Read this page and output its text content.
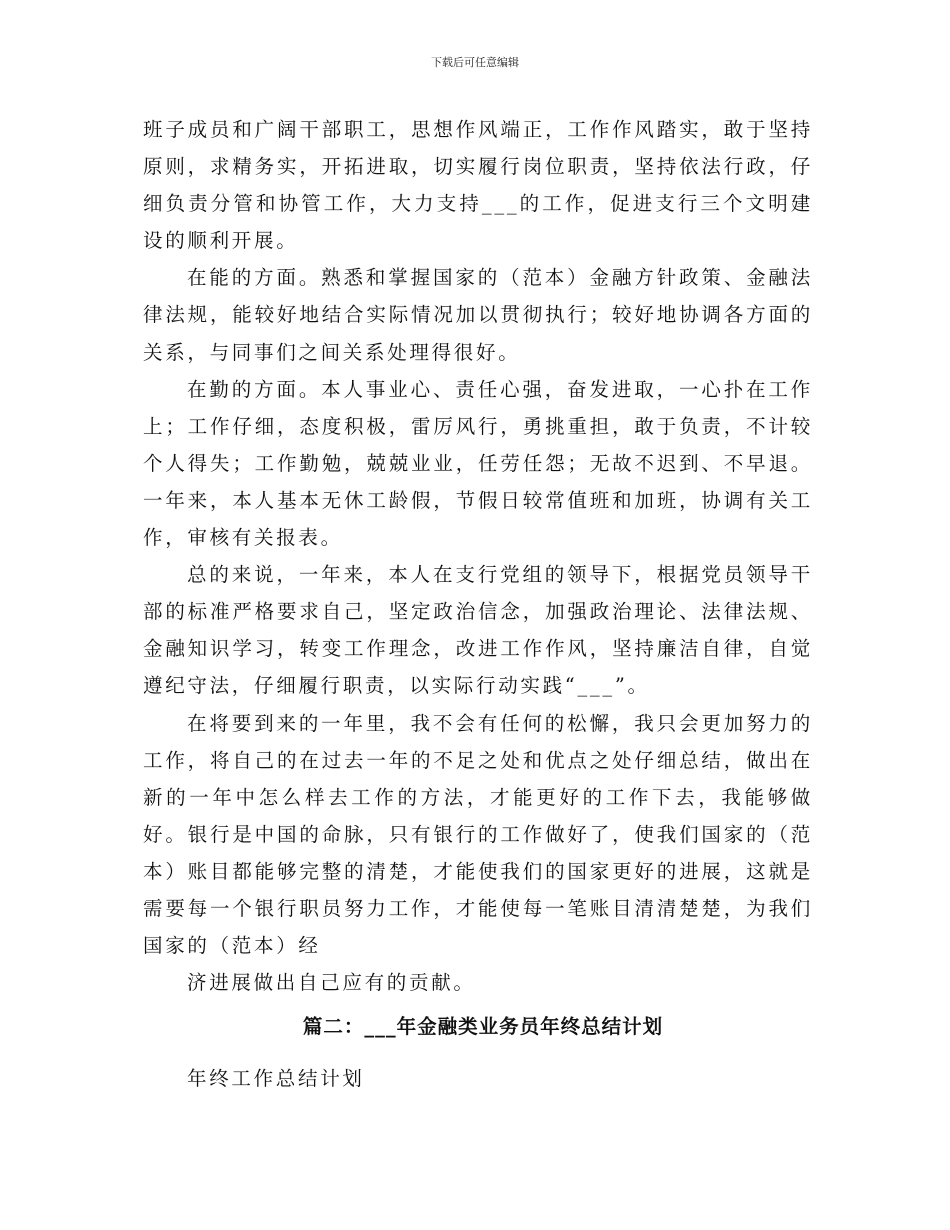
下载后可任意编辑

班子成员和广阔干部职工，思想作风端正，工作作风踏实，敢于坚持原则，求精务实，开拓进取，切实履行岗位职责，坚持依法行政，仔细负责分管和协管工作，大力支持___的工作，促进支行三个文明建设的顺利开展。

在能的方面。熟悉和掌握国家的（范本）金融方针政策、金融法律法规，能较好地结合实际情况加以贯彻执行；较好地协调各方面的关系，与同事们之间关系处理得很好。

在勤的方面。本人事业心、责任心强，奋发进取，一心扑在工作上；工作仔细，态度积极，雷厉风行，勇挑重担，敢于负责，不计较个人得失；工作勤勉，兢兢业业，任劳任怨；无故不迟到、不早退。一年来，本人基本无休工龄假，节假日较常值班和加班，协调有关工作，审核有关报表。

总的来说，一年来，本人在支行党组的领导下，根据党员领导干部的标准严格要求自己，坚定政治信念，加强政治理论、法律法规、金融知识学习，转变工作理念，改进工作作风，坚持廉洁自律，自觉遵纪守法，仔细履行职责，以实际行动实践“___”。

在将要到来的一年里，我不会有任何的松懈，我只会更加努力的工作，将自己的在过去一年的不足之处和优点之处仔细总结，做出在新的一年中怎么样去工作的方法，才能更好的工作下去，我能够做好。银行是中国的命脉，只有银行的工作做好了，使我们国家的（范本）账目都能够完整的清楚，才能使我们的国家更好的进展，这就是需要每一个银行职员努力工作，才能使每一笔账目清清楚楚，为我们国家的（范本）经

济进展做出自己应有的贡献。

篇二：___年金融类业务员年终总结计划
年终工作总结计划
